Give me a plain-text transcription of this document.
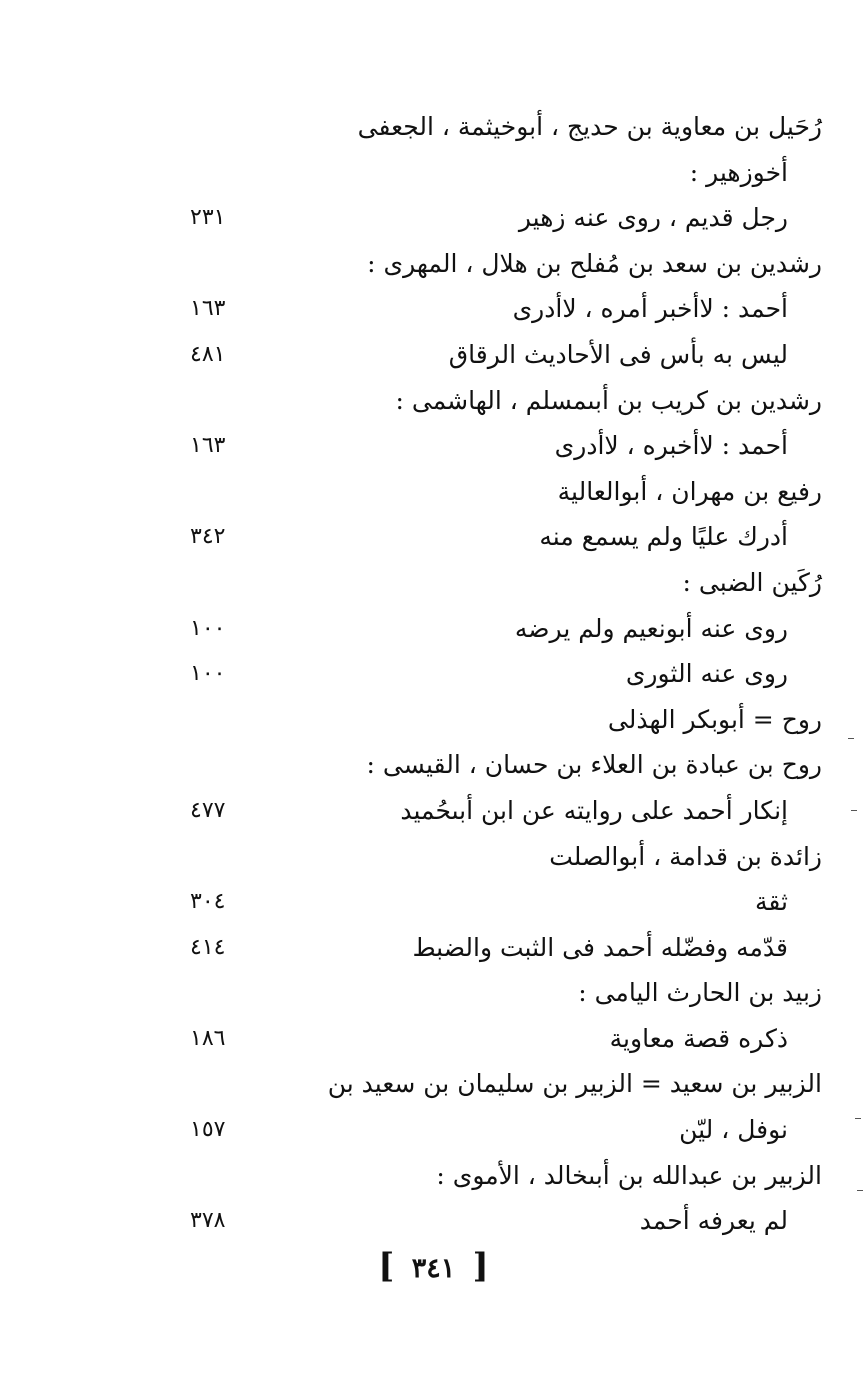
رُحَيل بن معاوية بن حديج ، أبوخيثمة ، الجعفى
أخوزهير :
رجل قديم ، روى عنه زهير
٢٣١
رشدين بن سعد بن مُفلح بن هلال ، المهرى :
أحمد : لاأخبر أمره ، لاأدرى
١٦٣
ليس به بأس فى الأحاديث الرقاق
٤٨١
رشدين بن كريب بن أبىمسلم ، الهاشمى :
أحمد : لاأخبره ، لاأدرى
١٦٣
رفيع بن مهران ، أبوالعالية
أدرك عليًا ولم يسمع منه
٣٤٢
رُكَين الضبى :
روى عنه أبونعيم ولم يرضه
١٠٠
روى عنه الثورى
١٠٠
روح = أبوبكر الهذلى
روح بن عبادة بن العلاء بن حسان ، القيسى :
إنكار أحمد على روايته عن ابن أبىحُميد
٤٧٧
زائدة بن قدامة ، أبوالصلت
ثقة
٣٠٤
قدّمه وفضّله أحمد فى الثبت والضبط
٤١٤
زبيد بن الحارث اليامى :
ذكره قصة معاوية
١٨٦
الزبير بن سعيد = الزبير بن سليمان بن سعيد بن
نوفل ، ليّن
١٥٧
الزبير بن عبدالله بن أبىخالد ، الأموى :
لم يعرفه أحمد
٣٧٨
[ ٣٤١ ]
